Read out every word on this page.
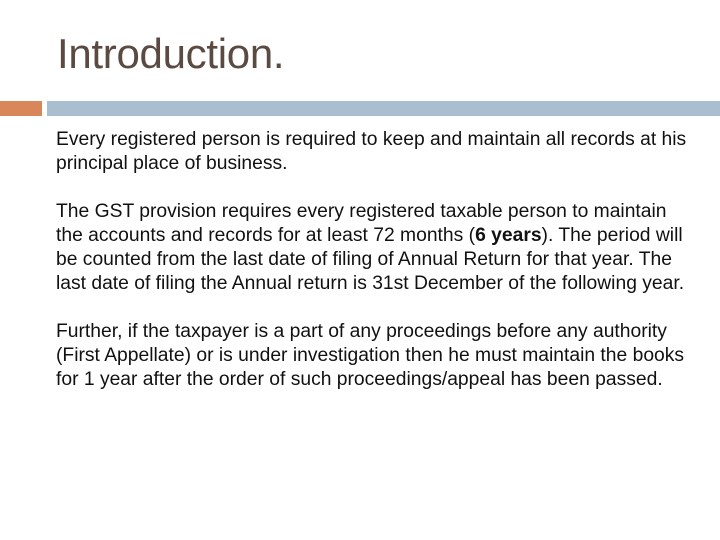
Introduction.

Every registered person is required to keep and maintain all records at his principal place of business.

The GST provision requires every registered taxable person to maintain the accounts and records for at least 72 months (6 years). The period will be counted from the last date of filing of Annual Return for that year. The last date of filing the Annual return is 31st December of the following year.

Further, if the taxpayer is a part of any proceedings before any authority (First Appellate) or is under investigation then he must maintain the books for 1 year after the order of such proceedings/appeal has been passed.
